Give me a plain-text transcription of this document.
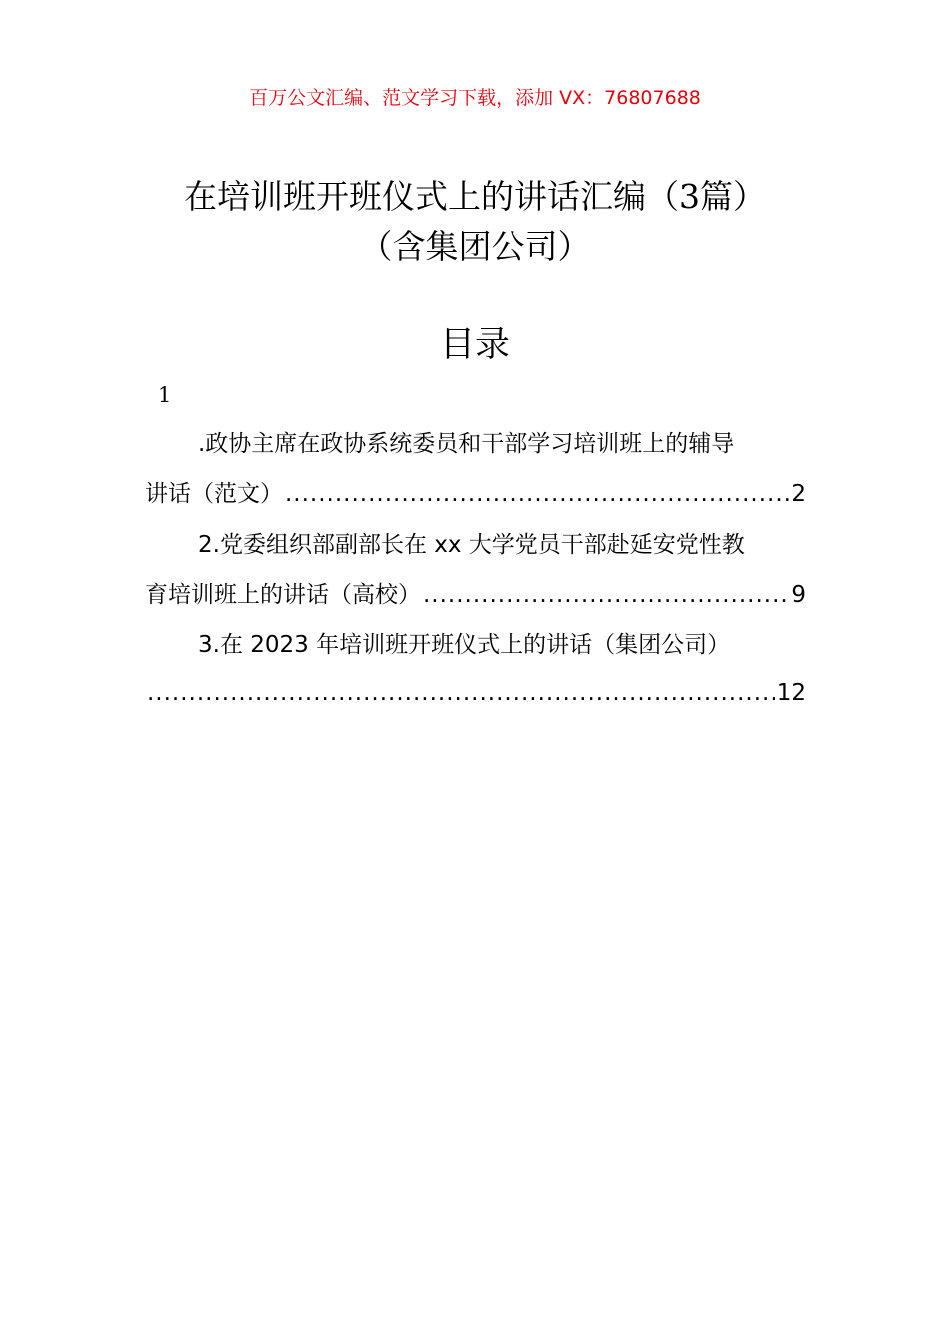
百万公文汇编、范文学习下载，添加 VX：76807688
在培训班开班仪式上的讲话汇编（3篇）
（含集团公司）
目录
1
.政协主席在政协系统委员和干部学习培训班上的辅导
讲话（范文） .....	2
2.党委组织部副部长在 xx 大学党员干部赴延安党性教
育培训班上的讲话（高校） .....	9
3.在 2023 年培训班开班仪式上的讲话（集团公司）
.....
12
